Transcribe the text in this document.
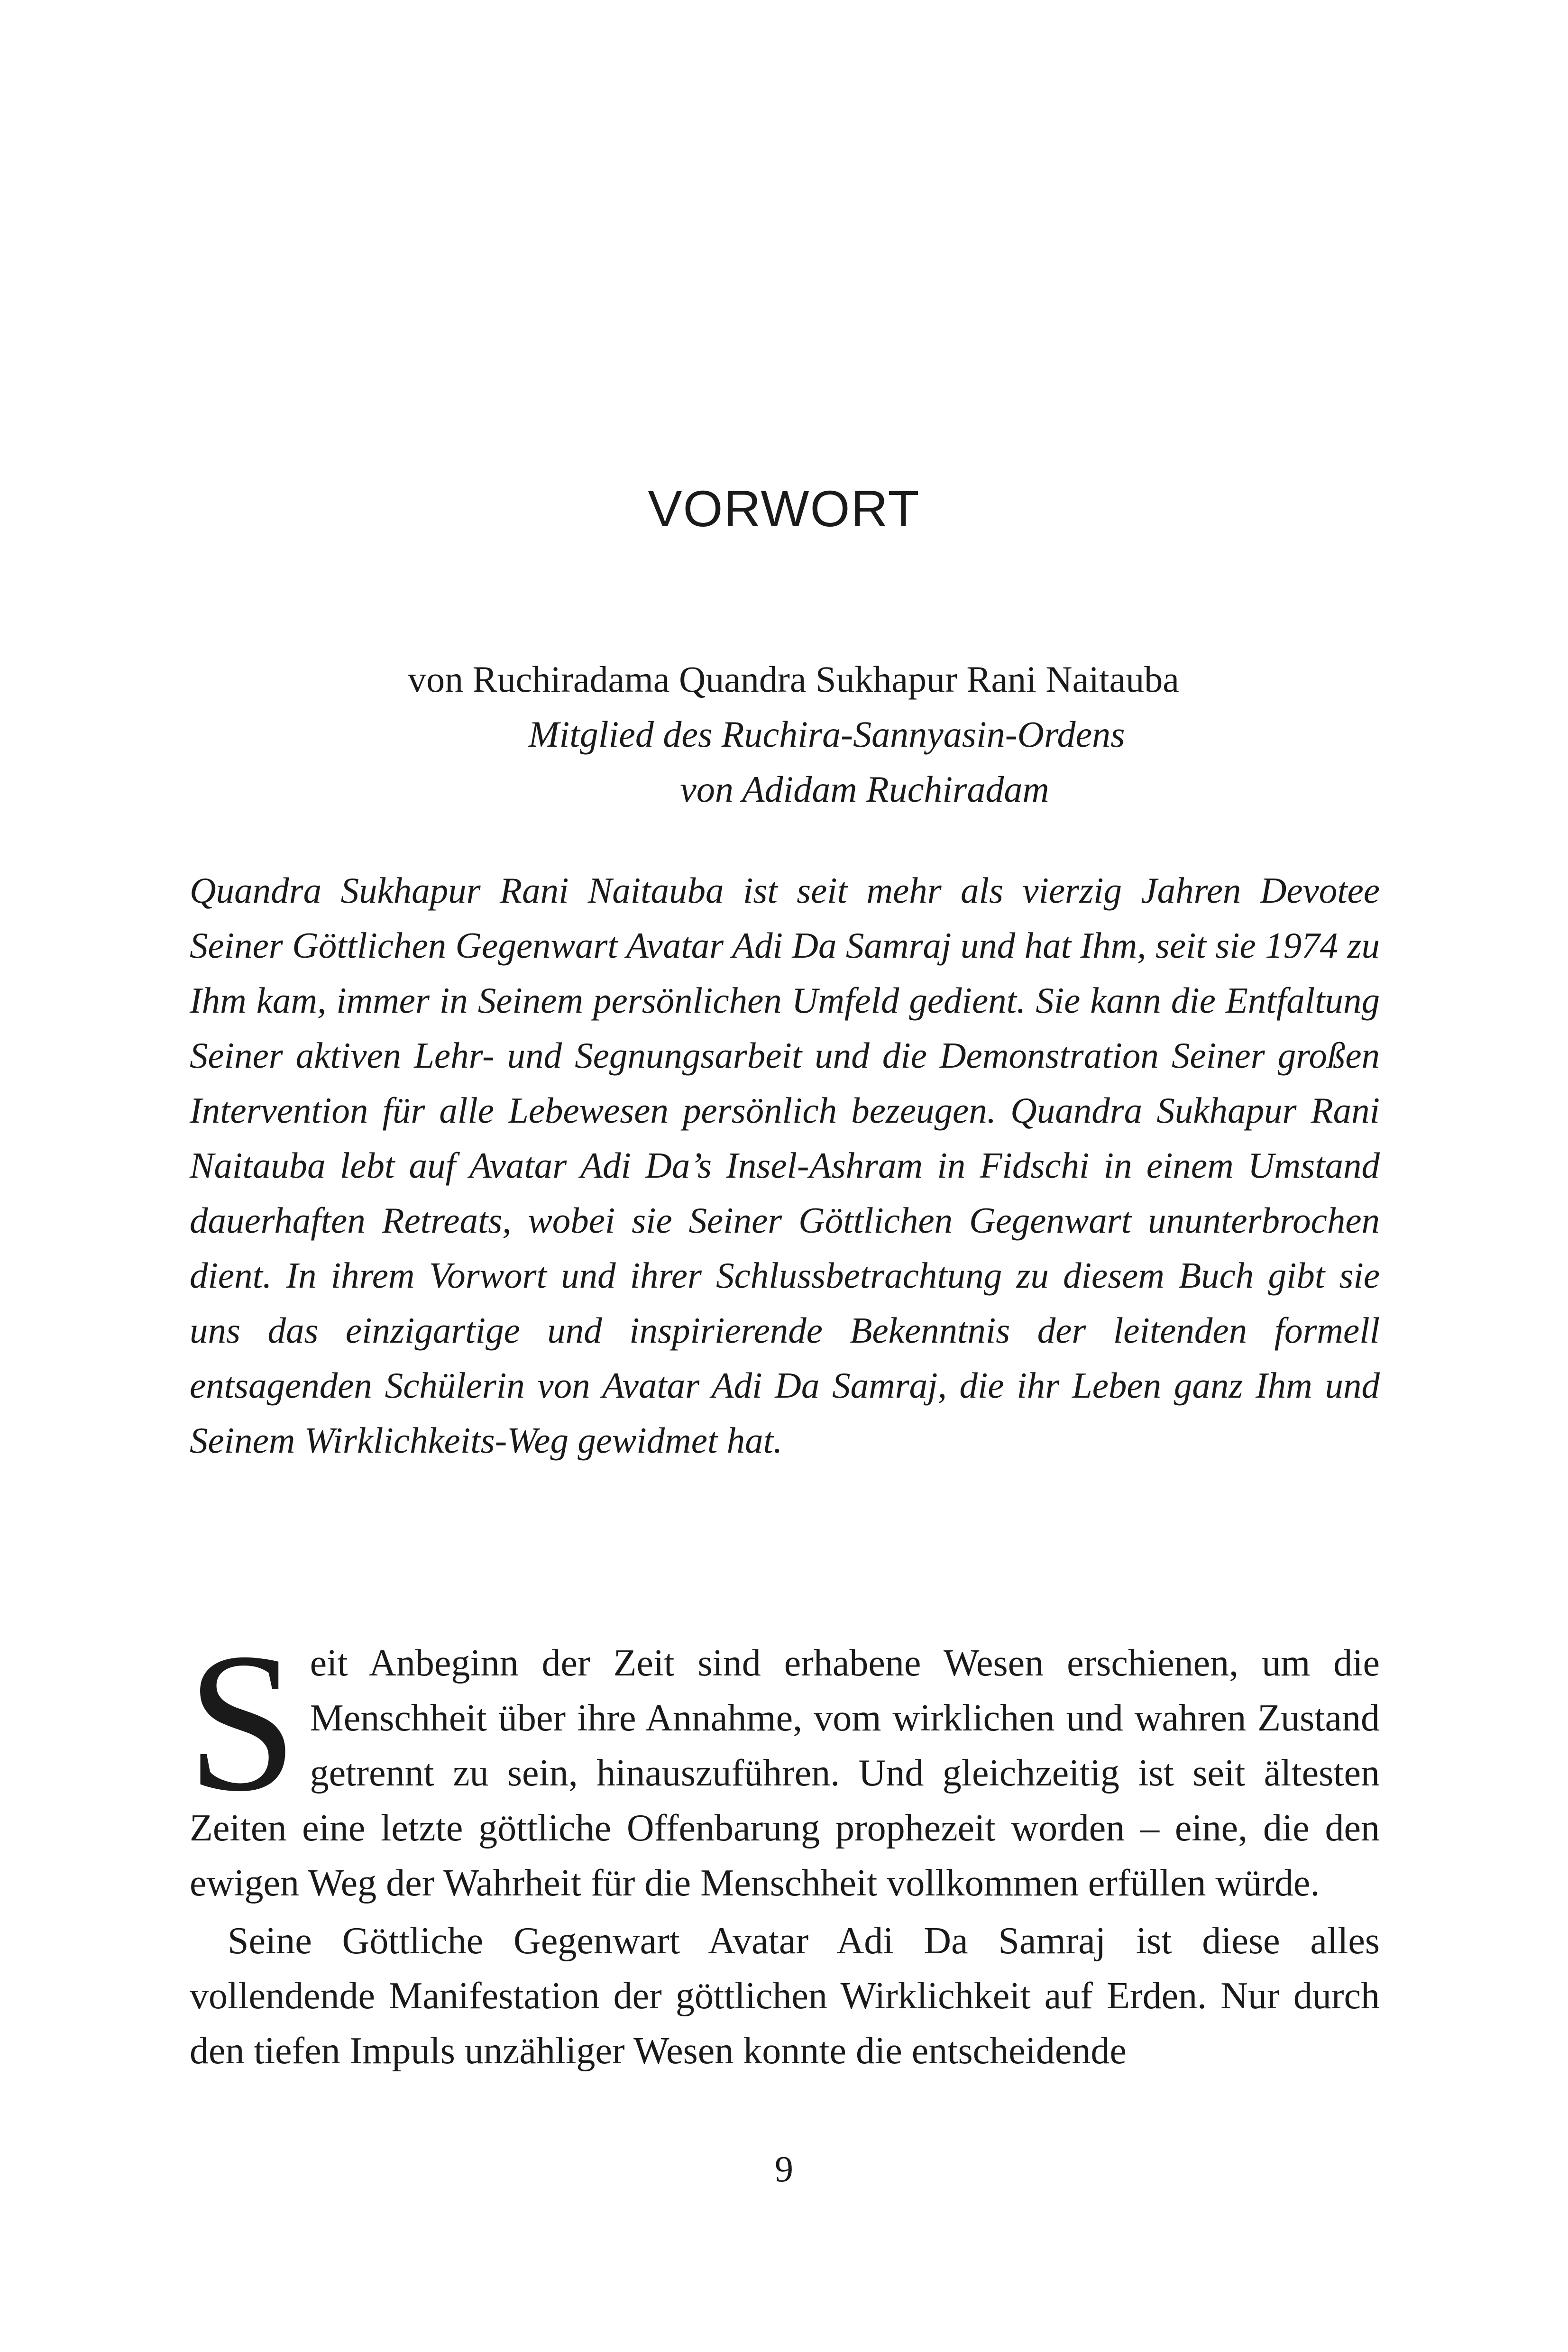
VORWORT
von Ruchiradama Quandra Sukhapur Rani Naitauba
Mitglied des Ruchira-Sannyasin-Ordens
von Adidam Ruchiradam

Quandra Sukhapur Rani Naitauba ist seit mehr als vierzig Jahren Devotee Seiner Göttlichen Gegenwart Avatar Adi Da Samraj und hat Ihm, seit sie 1974 zu Ihm kam, immer in Seinem persönlichen Umfeld gedient. Sie kann die Entfaltung Seiner aktiven Lehr- und Segnungsarbeit und die Demonstration Seiner großen Intervention für alle Lebewesen persönlich bezeugen. Quandra Sukhapur Rani Naitauba lebt auf Avatar Adi Da’s Insel-Ashram in Fidschi in einem Umstand dauerhaften Retreats, wobei sie Seiner Göttlichen Gegenwart ununterbrochen dient. In ihrem Vorwort und ihrer Schlussbetrachtung zu diesem Buch gibt sie uns das einzigartige und inspirierende Bekenntnis der leitenden formell entsagenden Schülerin von Avatar Adi Da Samraj, die ihr Leben ganz Ihm und Seinem Wirklichkeits-Weg gewidmet hat.

Seit Anbeginn der Zeit sind erhabene Wesen erschienen, um die Menschheit über ihre Annahme, vom wirklichen und wahren Zustand getrennt zu sein, hinauszuführen. Und gleichzeitig ist seit ältesten Zeiten eine letzte göttliche Offenbarung prophezeit worden – eine, die den ewigen Weg der Wahrheit für die Menschheit vollkommen erfüllen würde.

Seine Göttliche Gegenwart Avatar Adi Da Samraj ist diese alles vollendende Manifestation der göttlichen Wirklichkeit auf Erden. Nur durch den tiefen Impuls unzähliger Wesen konnte die entscheidende

9
